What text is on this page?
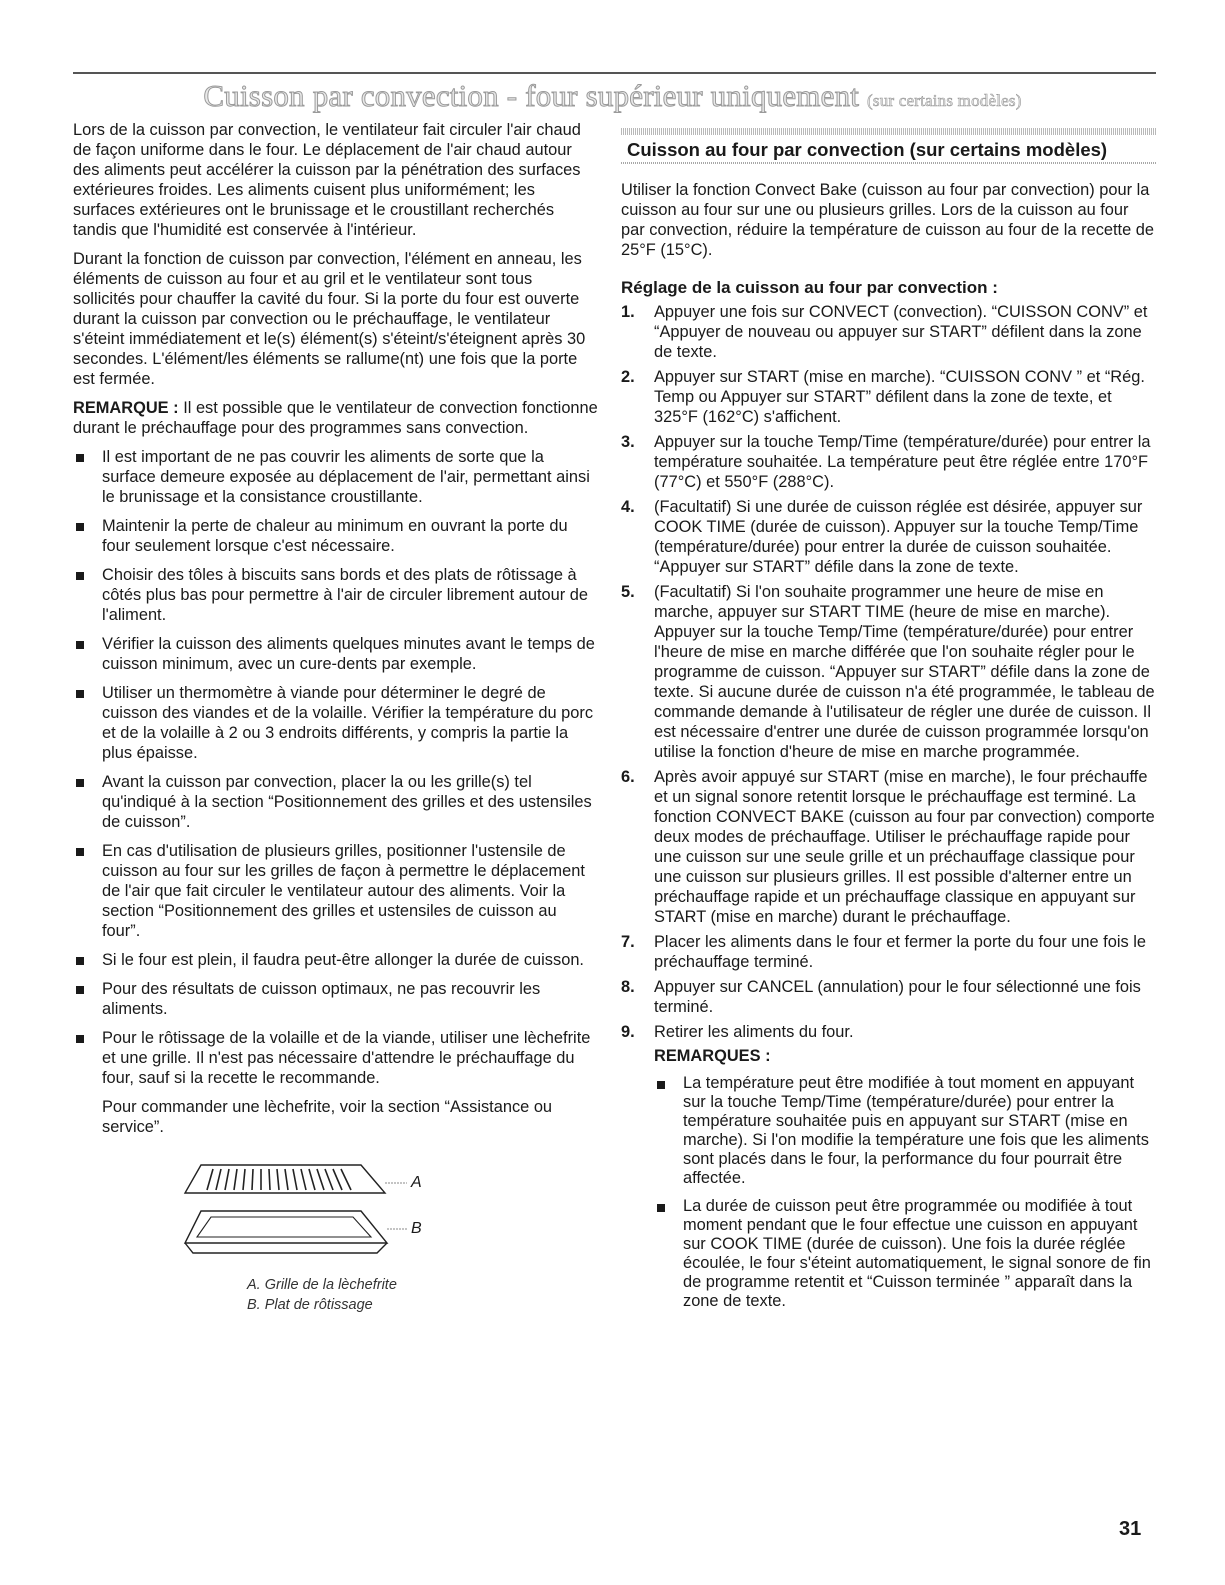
Cuisson par convection - four supérieur uniquement (sur certains modèles)

Lors de la cuisson par convection, le ventilateur fait circuler l'air chaud de façon uniforme dans le four. Le déplacement de l'air chaud autour des aliments peut accélérer la cuisson par la pénétration des surfaces extérieures froides. Les aliments cuisent plus uniformément; les surfaces extérieures ont le brunissage et le croustillant recherchés tandis que l'humidité est conservée à l'intérieur.

Durant la fonction de cuisson par convection, l'élément en anneau, les éléments de cuisson au four et au gril et le ventilateur sont tous sollicités pour chauffer la cavité du four. Si la porte du four est ouverte durant la cuisson par convection ou le préchauffage, le ventilateur s'éteint immédiatement et le(s) élément(s) s'éteint/s'éteignent après 30 secondes. L'élément/les éléments se rallume(nt) une fois que la porte est fermée.

REMARQUE : Il est possible que le ventilateur de convection fonctionne durant le préchauffage pour des programmes sans convection.

Il est important de ne pas couvrir les aliments de sorte que la surface demeure exposée au déplacement de l'air, permettant ainsi le brunissage et la consistance croustillante.
Maintenir la perte de chaleur au minimum en ouvrant la porte du four seulement lorsque c'est nécessaire.
Choisir des tôles à biscuits sans bords et des plats de rôtissage à côtés plus bas pour permettre à l'air de circuler librement autour de l'aliment.
Vérifier la cuisson des aliments quelques minutes avant le temps de cuisson minimum, avec un cure-dents par exemple.
Utiliser un thermomètre à viande pour déterminer le degré de cuisson des viandes et de la volaille. Vérifier la température du porc et de la volaille à 2 ou 3 endroits différents, y compris la partie la plus épaisse.
Avant la cuisson par convection, placer la ou les grille(s) tel qu'indiqué à la section “Positionnement des grilles et des ustensiles de cuisson”.
En cas d'utilisation de plusieurs grilles, positionner l'ustensile de cuisson au four sur les grilles de façon à permettre le déplacement de l'air que fait circuler le ventilateur autour des aliments. Voir la section “Positionnement des grilles et ustensiles de cuisson au four”.
Si le four est plein, il faudra peut-être allonger la durée de cuisson.
Pour des résultats de cuisson optimaux, ne pas recouvrir les aliments.
Pour le rôtissage de la volaille et de la viande, utiliser une lèchefrite et une grille. Il n'est pas nécessaire d'attendre le préchauffage du four, sauf si la recette le recommande.

Pour commander une lèchefrite, voir la section “Assistance ou service”.

A
B
A. Grille de la lèchefrite
B. Plat de rôtissage
Cuisson au four par convection (sur certains modèles)

Utiliser la fonction Convect Bake (cuisson au four par convection) pour la cuisson au four sur une ou plusieurs grilles. Lors de la cuisson au four par convection, réduire la température de cuisson au four de la recette de 25°F (15°C).

Réglage de la cuisson au four par convection :
1. Appuyer une fois sur CONVECT (convection). “CUISSON CONV” et “Appuyer de nouveau ou appuyer sur START” défilent dans la zone de texte.
2. Appuyer sur START (mise en marche). “CUISSON CONV ” et “Rég. Temp ou Appuyer sur START” défilent dans la zone de texte, et 325°F (162°C) s'affichent.
3. Appuyer sur la touche Temp/Time (température/durée) pour entrer la température souhaitée. La température peut être réglée entre 170°F (77°C) et 550°F (288°C).
4. (Facultatif) Si une durée de cuisson réglée est désirée, appuyer sur COOK TIME (durée de cuisson). Appuyer sur la touche Temp/Time (température/durée) pour entrer la durée de cuisson souhaitée. “Appuyer sur START” défile dans la zone de texte.
5. (Facultatif) Si l'on souhaite programmer une heure de mise en marche, appuyer sur START TIME (heure de mise en marche). Appuyer sur la touche Temp/Time (température/durée) pour entrer l'heure de mise en marche différée que l'on souhaite régler pour le programme de cuisson. “Appuyer sur START” défile dans la zone de texte. Si aucune durée de cuisson n'a été programmée, le tableau de commande demande à l'utilisateur de régler une durée de cuisson. Il est nécessaire d'entrer une durée de cuisson programmée lorsqu'on utilise la fonction d'heure de mise en marche programmée.
6. Après avoir appuyé sur START (mise en marche), le four préchauffe et un signal sonore retentit lorsque le préchauffage est terminé. La fonction CONVECT BAKE (cuisson au four par convection) comporte deux modes de préchauffage. Utiliser le préchauffage rapide pour une cuisson sur une seule grille et un préchauffage classique pour une cuisson sur plusieurs grilles. Il est possible d'alterner entre un préchauffage rapide et un préchauffage classique en appuyant sur START (mise en marche) durant le préchauffage.
7. Placer les aliments dans le four et fermer la porte du four une fois le préchauffage terminé.
8. Appuyer sur CANCEL (annulation) pour le four sélectionné une fois terminé.
9. Retirer les aliments du four.
REMARQUES :
La température peut être modifiée à tout moment en appuyant sur la touche Temp/Time (température/durée) pour entrer la température souhaitée puis en appuyant sur START (mise en marche). Si l'on modifie la température une fois que les aliments sont placés dans le four, la performance du four pourrait être affectée.
La durée de cuisson peut être programmée ou modifiée à tout moment pendant que le four effectue une cuisson en appuyant sur COOK TIME (durée de cuisson). Une fois la durée réglée écoulée, le four s'éteint automatiquement, le signal sonore de fin de programme retentit et “Cuisson terminée ” apparaît dans la zone de texte.
31
